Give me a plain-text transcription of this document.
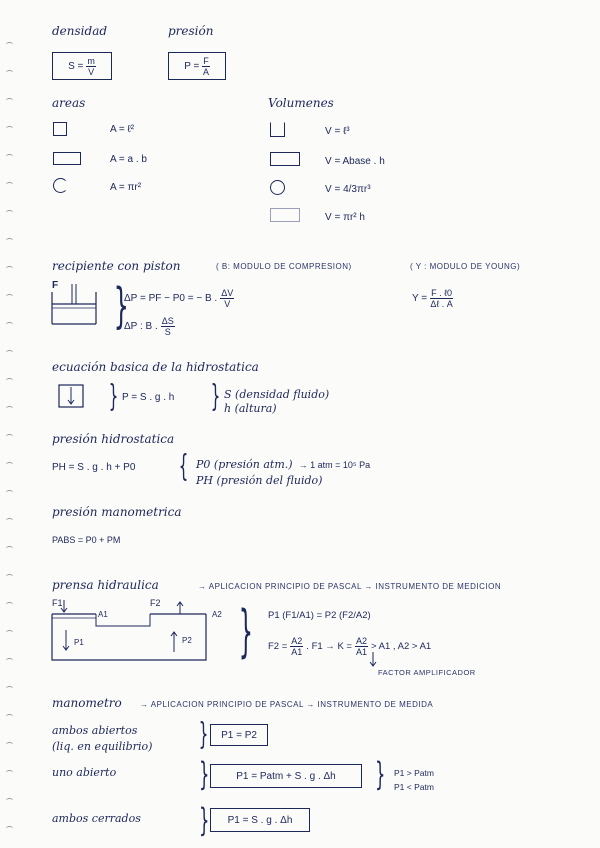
densidad	presión
$S = \frac{m}{V}$	$P = \frac{F}{A}$
areas	Volumenes
A = ℓ²
A = a . b
A = πr²
V = ℓ³
V = Abase . h
V = 4/3πr³
V = πr² h
recipiente con piston	( B: MODULO DE COMPRESION)	( Y : MODULO DE YOUNG)
F }
ΔP = PF − P0 = − B . $\frac{\Delta V}{V}$
ΔP : B . $\frac{\Delta S}{S}$
$Y = \frac{\text{F . ℓ0}}{\text{Δℓ . A}}$
ecuación basica de la hidrostatica
} P = S . g . h } S (densidad fluido)
h (altura)
presión hidrostatica
PH = S . g . h + P0 { P0 (presión atm.) → 1 atm = 10⁵ Pa
PH (presión del fluido)
presión manometrica
PABS = P0 + PM
prensa hidraulica	→ APLICACION PRINCIPIO DE PASCAL → INSTRUMENTO DE MEDICION
F1	F2
A1	A2
P1	P2 } P1 (F1/A1) = P2 (F2/A2)
$F2 = \frac{A2}{A1}$ . $F1 \to K = \frac{A2}{A1} > A1$ , A2 > A1
FACTOR AMPLIFICADOR
manometro → APLICACION PRINCIPIO DE PASCAL → INSTRUMENTO DE MEDIDA
ambos abiertos
(liq. en equilibrio) } P1 = P2
uno abierto	}	P1 = Patm + S . g . Δh } P1 > Patm
P1 < Patm
ambos cerrados } P1 = S . g . Δh
